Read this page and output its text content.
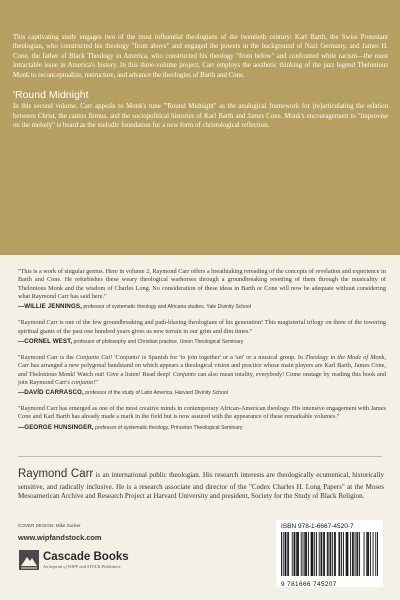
This captivating study engages two of the most influential theologians of the twentieth century: Karl Barth, the Swiss Protestant theologian, who constructed his theology "from above" and engaged the powers in the background of Nazi Germany, and James H. Cone, the father of Black Theology in America, who constructed his theology "from below" and confronted white racism—the most intractable issue in America's history. In this three-volume project, Carr employs the aesthetic thinking of the jazz legend Thelonious Monk to reconceptualize, restructure, and advance the theologies of Barth and Cone.

'Round Midnight

In this second volume, Carr appeals to Monk's tune "'Round Midnight" as the analogical framework for (re)articulating the relation between Christ, the cantus firmus, and the sociopolitical histories of Karl Barth and James Cone. Monk's encouragement to "improvise on the melody" is heard as the melodic foundation for a new form of christological reflection.

"This is a work of singular genius. Here in volume 2, Raymond Carr offers a breathtaking rereading of the concepts of revelation and experience in Barth and Cone. He refurbishes these weary theological warhorses through a groundbreaking resetting of them through the musicality of Thelonious Monk and the wisdom of Charles Long. No consideration of these ideas in Barth or Cone will now be adequate without considering what Raymond Carr has said here."

—WILLIE JENNINGS, professor of systematic theology and Africana studies, Yale Divinity School

"Raymond Carr is one of the few groundbreaking and path-blazing theologians of his generation! This magisterial trilogy on three of the towering spiritual giants of the past one hundred years gives us new terrain in our grim and dim times."

—CORNEL WEST, professor of philosophy and Christian practice, Union Theological Seminary

"Raymond Carr is the Conjunto Cat! 'Conjunto' is Spanish for 'to join together' or a 'set' or a musical group. In Theology in the Mode of Monk, Carr has arranged a new polygonal bandstand on which appears a theological vision and practice whose main players are Karl Barth, James Cone, and Thelonious Monk! Watch out! Give a listen! Read deep! Conjunto can also mean totality, everybody! Come onstage by reading this book and join Raymond Carr's conjunto!"

—DAVÍD CARRASCO, professor of the study of Latin America, Harvard Divinity School

"Raymond Carr has emerged as one of the most creative minds in contemporary African-American theology. His intensive engagement with James Cone and Karl Barth has already made a mark in the field but is now assured with the appearance of these remarkable volumes."

—GEORGE HUNSINGER, professor of systematic theology, Princeton Theological Seminary

Raymond Carr is an international public theologian. His research interests are theologically ecumenical, historically sensitive, and radically inclusive. He is a research associate and director of the "Codex Charles H. Long Papers" at the Moses Mesoamerican Archive and Research Project at Harvard University and president, Society for the Study of Black Religion.

COVER DESIGN: Mike Surber
www.wipfandstock.com
Cascade Books
An Imprint of WIPF and STOCK Publishers
ISBN 978-1-6667-4520-7
9 781666 745207
